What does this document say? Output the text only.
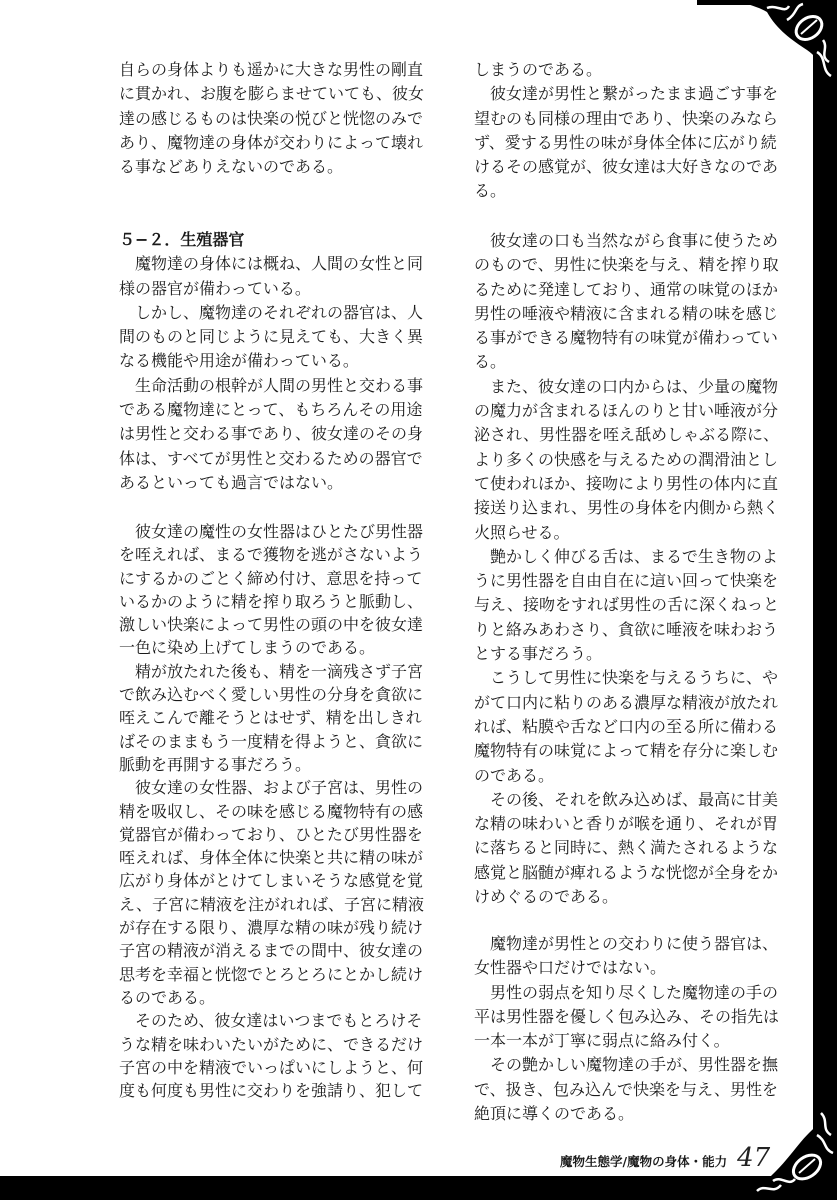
自らの身体よりも遥かに大きな男性の剛直
に貫かれ、お腹を膨らませていても、彼女
達の感じるものは快楽の悦びと恍惚のみで
あり、魔物達の身体が交わりによって壊れ
る事などありえないのである。
５−２．生殖器官
　魔物達の身体には概ね、人間の女性と同
様の器官が備わっている。
　しかし、魔物達のそれぞれの器官は、人
間のものと同じように見えても、大きく異
なる機能や用途が備わっている。
　生命活動の根幹が人間の男性と交わる事
である魔物達にとって、もちろんその用途
は男性と交わる事であり、彼女達のその身
体は、すべてが男性と交わるための器官で
あるといっても過言ではない。
　彼女達の魔性の女性器はひとたび男性器
を咥えれば、まるで獲物を逃がさないよう
にするかのごとく締め付け、意思を持って
いるかのように精を搾り取ろうと脈動し、
激しい快楽によって男性の頭の中を彼女達
一色に染め上げてしまうのである。
　精が放たれた後も、精を一滴残さず子宮
で飲み込むべく愛しい男性の分身を貪欲に
咥えこんで離そうとはせず、精を出しきれ
ばそのままもう一度精を得ようと、貪欲に
脈動を再開する事だろう。
　彼女達の女性器、および子宮は、男性の
精を吸収し、その味を感じる魔物特有の感
覚器官が備わっており、ひとたび男性器を
咥えれば、身体全体に快楽と共に精の味が
広がり身体がとけてしまいそうな感覚を覚
え、子宮に精液を注がれれば、子宮に精液
が存在する限り、濃厚な精の味が残り続け
子宮の精液が消えるまでの間中、彼女達の
思考を幸福と恍惚でとろとろにとかし続け
るのである。
　そのため、彼女達はいつまでもとろけそ
うな精を味わいたいがために、できるだけ
子宮の中を精液でいっぱいにしようと、何
度も何度も男性に交わりを強請り、犯して
しまうのである。
　彼女達が男性と繋がったまま過ごす事を
望むのも同様の理由であり、快楽のみなら
ず、愛する男性の味が身体全体に広がり続
けるその感覚が、彼女達は大好きなのであ
る。
　彼女達の口も当然ながら食事に使うため
のもので、男性に快楽を与え、精を搾り取
るために発達しており、通常の味覚のほか
男性の唾液や精液に含まれる精の味を感じ
る事ができる魔物特有の味覚が備わってい
る。
　また、彼女達の口内からは、少量の魔物
の魔力が含まれるほんのりと甘い唾液が分
泌され、男性器を咥え舐めしゃぶる際に、
より多くの快感を与えるための潤滑油とし
て使われほか、接吻により男性の体内に直
接送り込まれ、男性の身体を内側から熱く
火照らせる。
　艶かしく伸びる舌は、まるで生き物のよ
うに男性器を自由自在に這い回って快楽を
与え、接吻をすれば男性の舌に深くねっと
りと絡みあわさり、貪欲に唾液を味わおう
とする事だろう。
　こうして男性に快楽を与えるうちに、や
がて口内に粘りのある濃厚な精液が放たれ
れば、粘膜や舌など口内の至る所に備わる
魔物特有の味覚によって精を存分に楽しむ
のである。
　その後、それを飲み込めば、最高に甘美
な精の味わいと香りが喉を通り、それが胃
に落ちると同時に、熱く満たされるような
感覚と脳髄が痺れるような恍惚が全身をか
けめぐるのである。
　魔物達が男性との交わりに使う器官は、
女性器や口だけではない。
　男性の弱点を知り尽くした魔物達の手の
平は男性器を優しく包み込み、その指先は
一本一本が丁寧に弱点に絡み付く。
　その艶かしい魔物達の手が、男性器を撫
で、扱き、包み込んで快楽を与え、男性を
絶頂に導くのである。
魔物生態学/魔物の身体・能力 47
